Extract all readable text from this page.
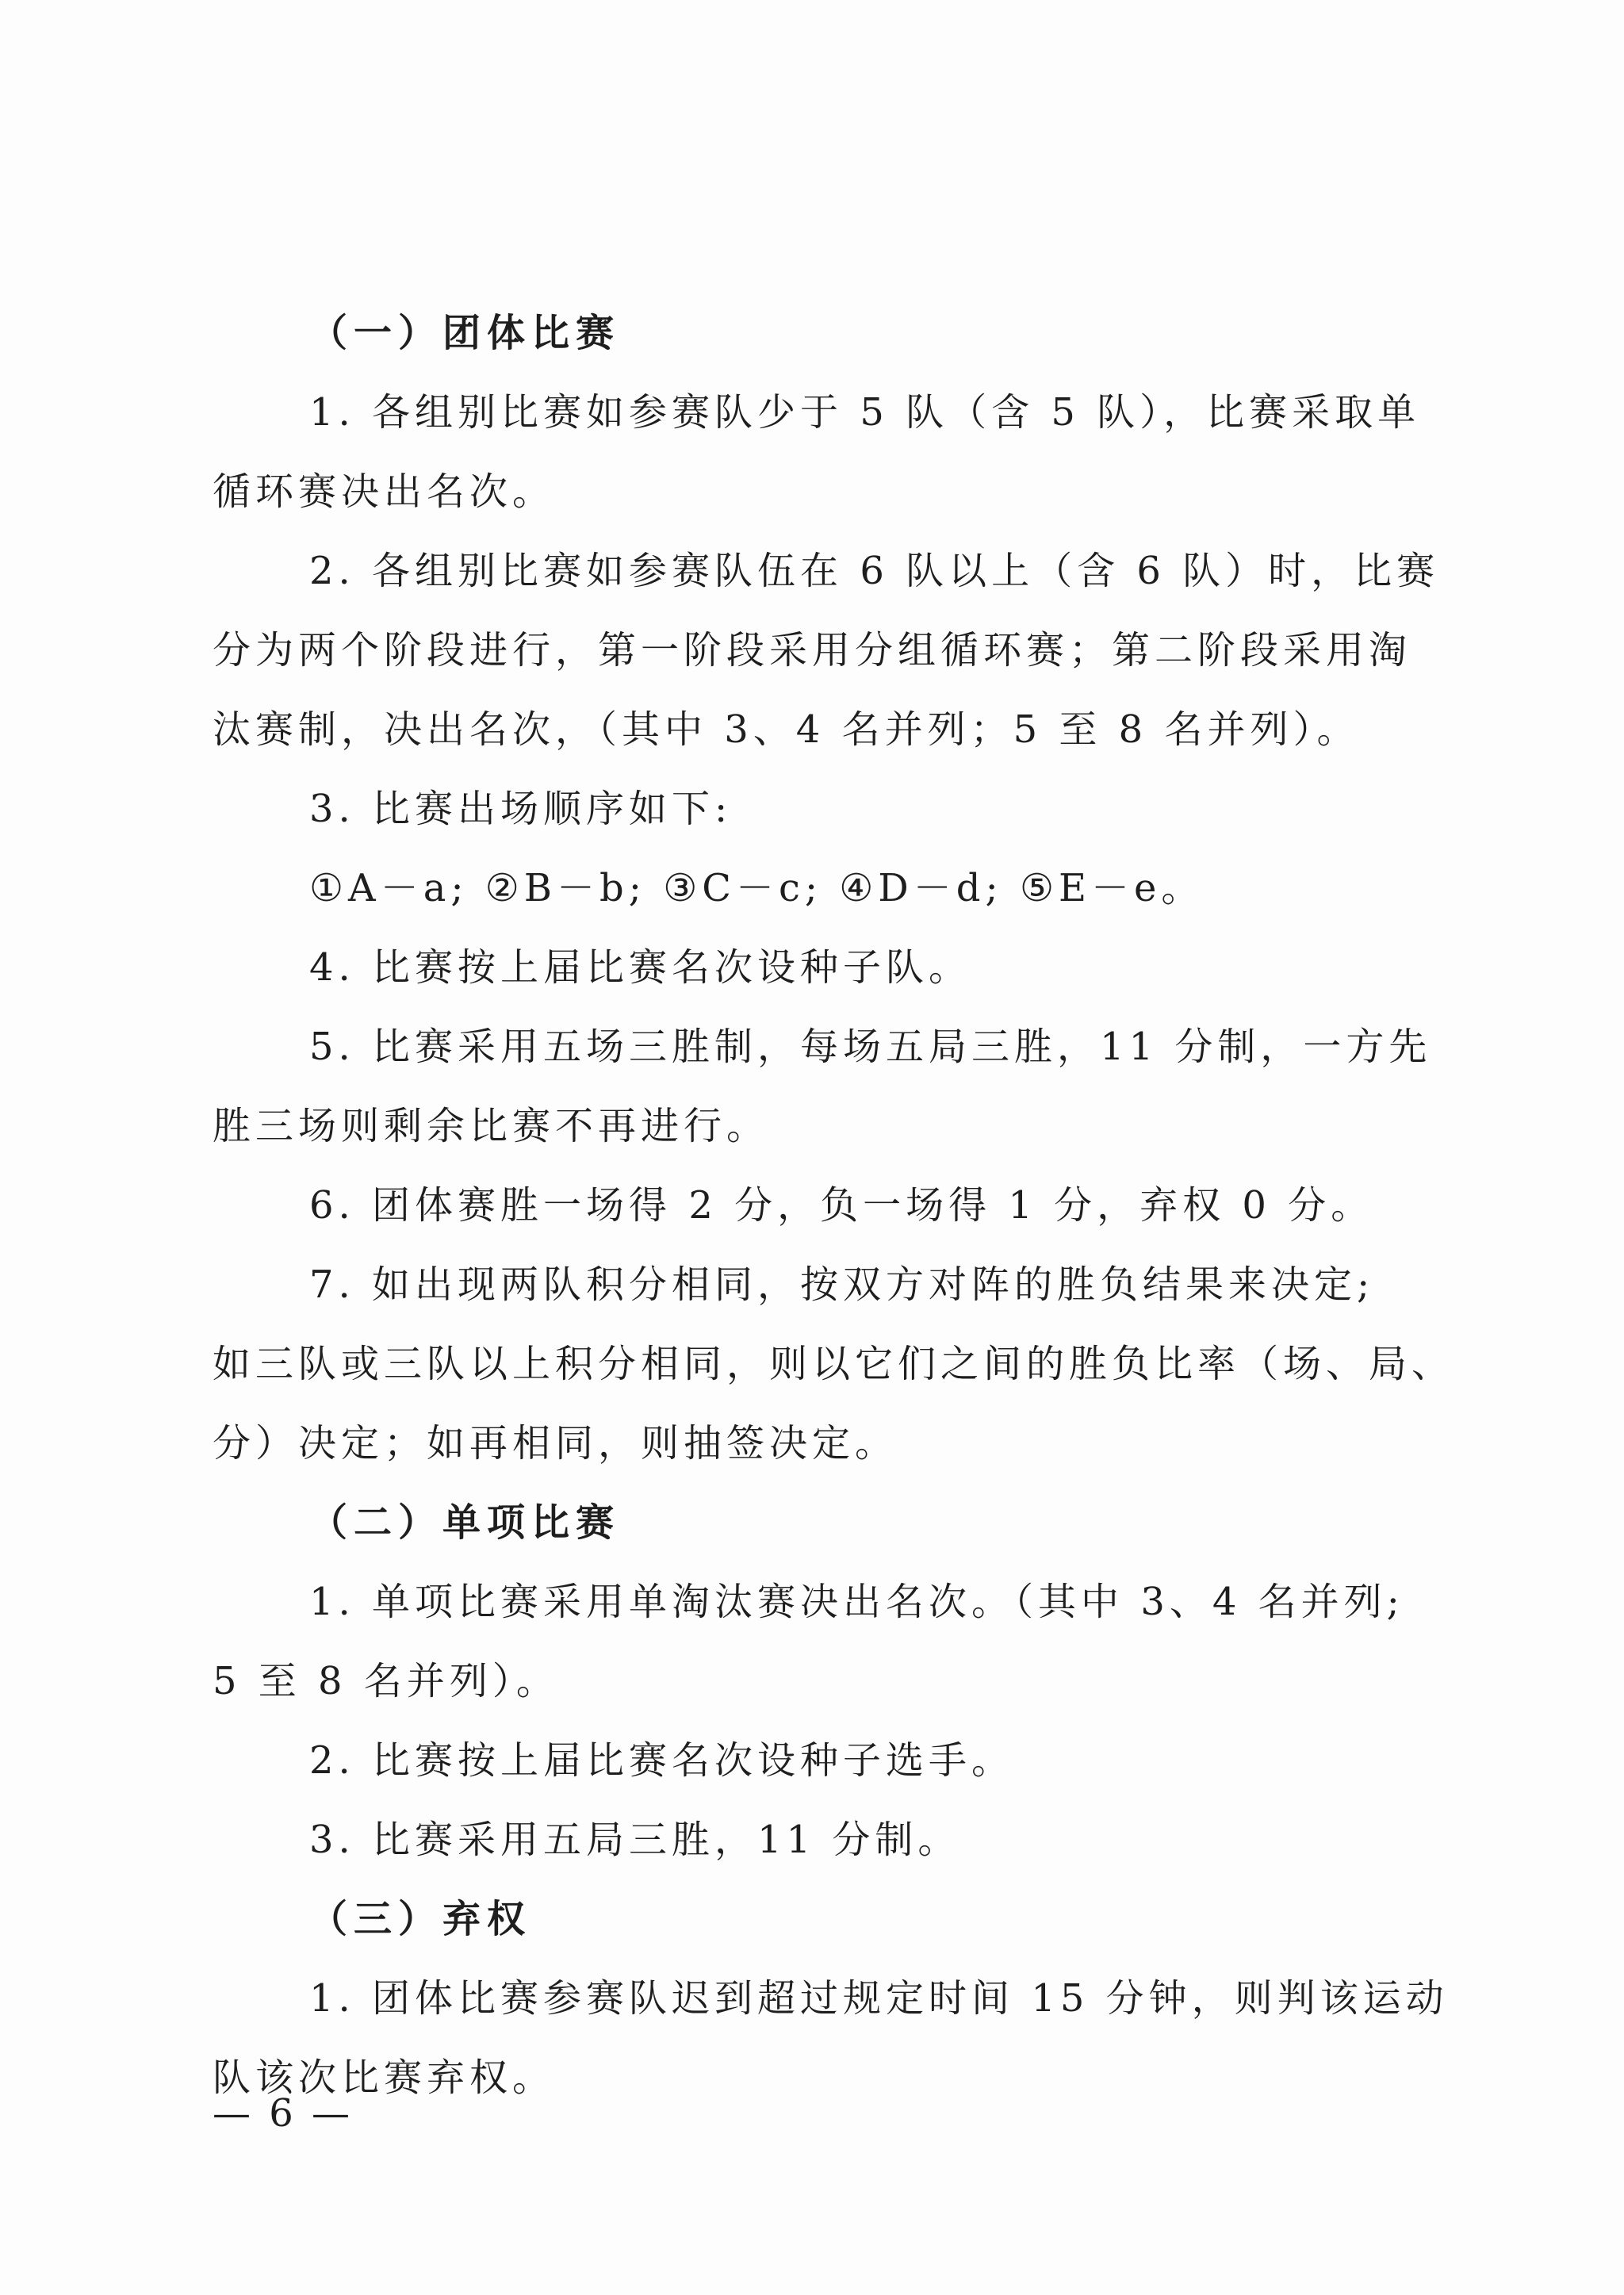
（一）团体比赛
1. 各组别比赛如参赛队少于 5 队（含 5 队），比赛采取单
循环赛决出名次。
2. 各组别比赛如参赛队伍在 6 队以上（含 6 队）时，比赛
分为两个阶段进行，第一阶段采用分组循环赛；第二阶段采用淘
汰赛制，决出名次，（其中 3、4 名并列；5 至 8 名并列）。
3. 比赛出场顺序如下:
①A－a; ②B－b; ③C－c; ④D－d; ⑤E－e。
4. 比赛按上届比赛名次设种子队。
5. 比赛采用五场三胜制，每场五局三胜，11 分制，一方先
胜三场则剩余比赛不再进行。
6. 团体赛胜一场得 2 分，负一场得 1 分，弃权 0 分。
7. 如出现两队积分相同，按双方对阵的胜负结果来决定;
如三队或三队以上积分相同，则以它们之间的胜负比率（场、局、
分）决定；如再相同，则抽签决定。
（二）单项比赛
1. 单项比赛采用单淘汰赛决出名次。（其中 3、4 名并列;
5 至 8 名并列）。
2. 比赛按上届比赛名次设种子选手。
3. 比赛采用五局三胜，11 分制。
（三）弃权
1. 团体比赛参赛队迟到超过规定时间 15 分钟，则判该运动
队该次比赛弃权。
— 6 —
